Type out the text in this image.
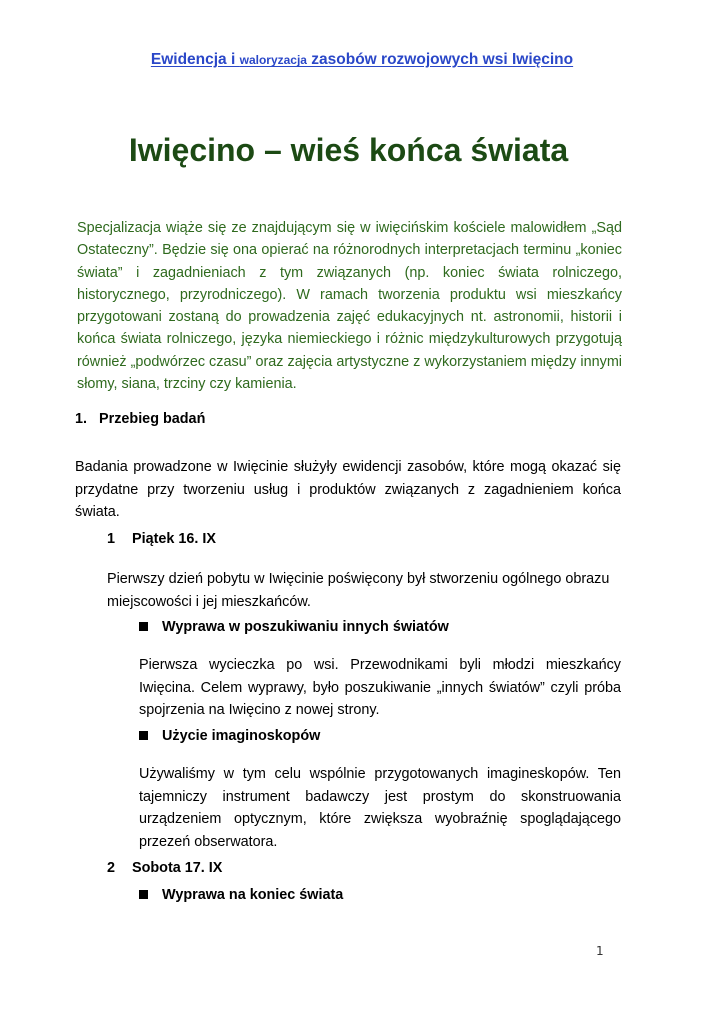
Ewidencja i waloryzacja zasobów rozwojowych wsi Iwięcino
Iwięcino – wieś końca świata

Specjalizacja wiąże się ze znajdującym się w iwięcińskim kościele malowidłem „Sąd Ostateczny”. Będzie się ona opierać na różnorodnych interpretacjach terminu „koniec świata” i zagadnieniach z tym związanych (np. koniec świata rolniczego, historycznego, przyrodniczego). W ramach tworzenia produktu wsi mieszkańcy przygotowani zostaną do prowadzenia zajęć edukacyjnych nt. astronomii, historii i końca świata rolniczego, języka niemieckiego i różnic międzykulturowych przygotują również „podwórzec czasu” oraz zajęcia artystyczne z wykorzystaniem między innymi słomy, siana, trzciny czy kamienia.

1. Przebieg badań

Badania prowadzone w Iwięcinie służyły ewidencji zasobów, które mogą okazać się przydatne przy tworzeniu usług i produktów związanych z zagadnieniem końca świata.

1 Piątek 16. IX

Pierwszy dzień pobytu w Iwięcinie poświęcony był stworzeniu ogólnego obrazu miejscowości i jej mieszkańców.

Wyprawa w poszukiwaniu innych światów

Pierwsza wycieczka po wsi. Przewodnikami byli młodzi mieszkańcy Iwięcina. Celem wyprawy, było poszukiwanie „innych światów” czyli próba spojrzenia na Iwięcino z nowej strony.

Użycie imaginoskopów

Używaliśmy w tym celu wspólnie przygotowanych imagineskopów. Ten tajemniczy instrument badawczy jest prostym do skonstruowania urządzeniem optycznym, które zwiększa wyobraźnię spoglądającego przezeń obserwatora.

2 Sobota 17. IX
Wyprawa na koniec świata
1
